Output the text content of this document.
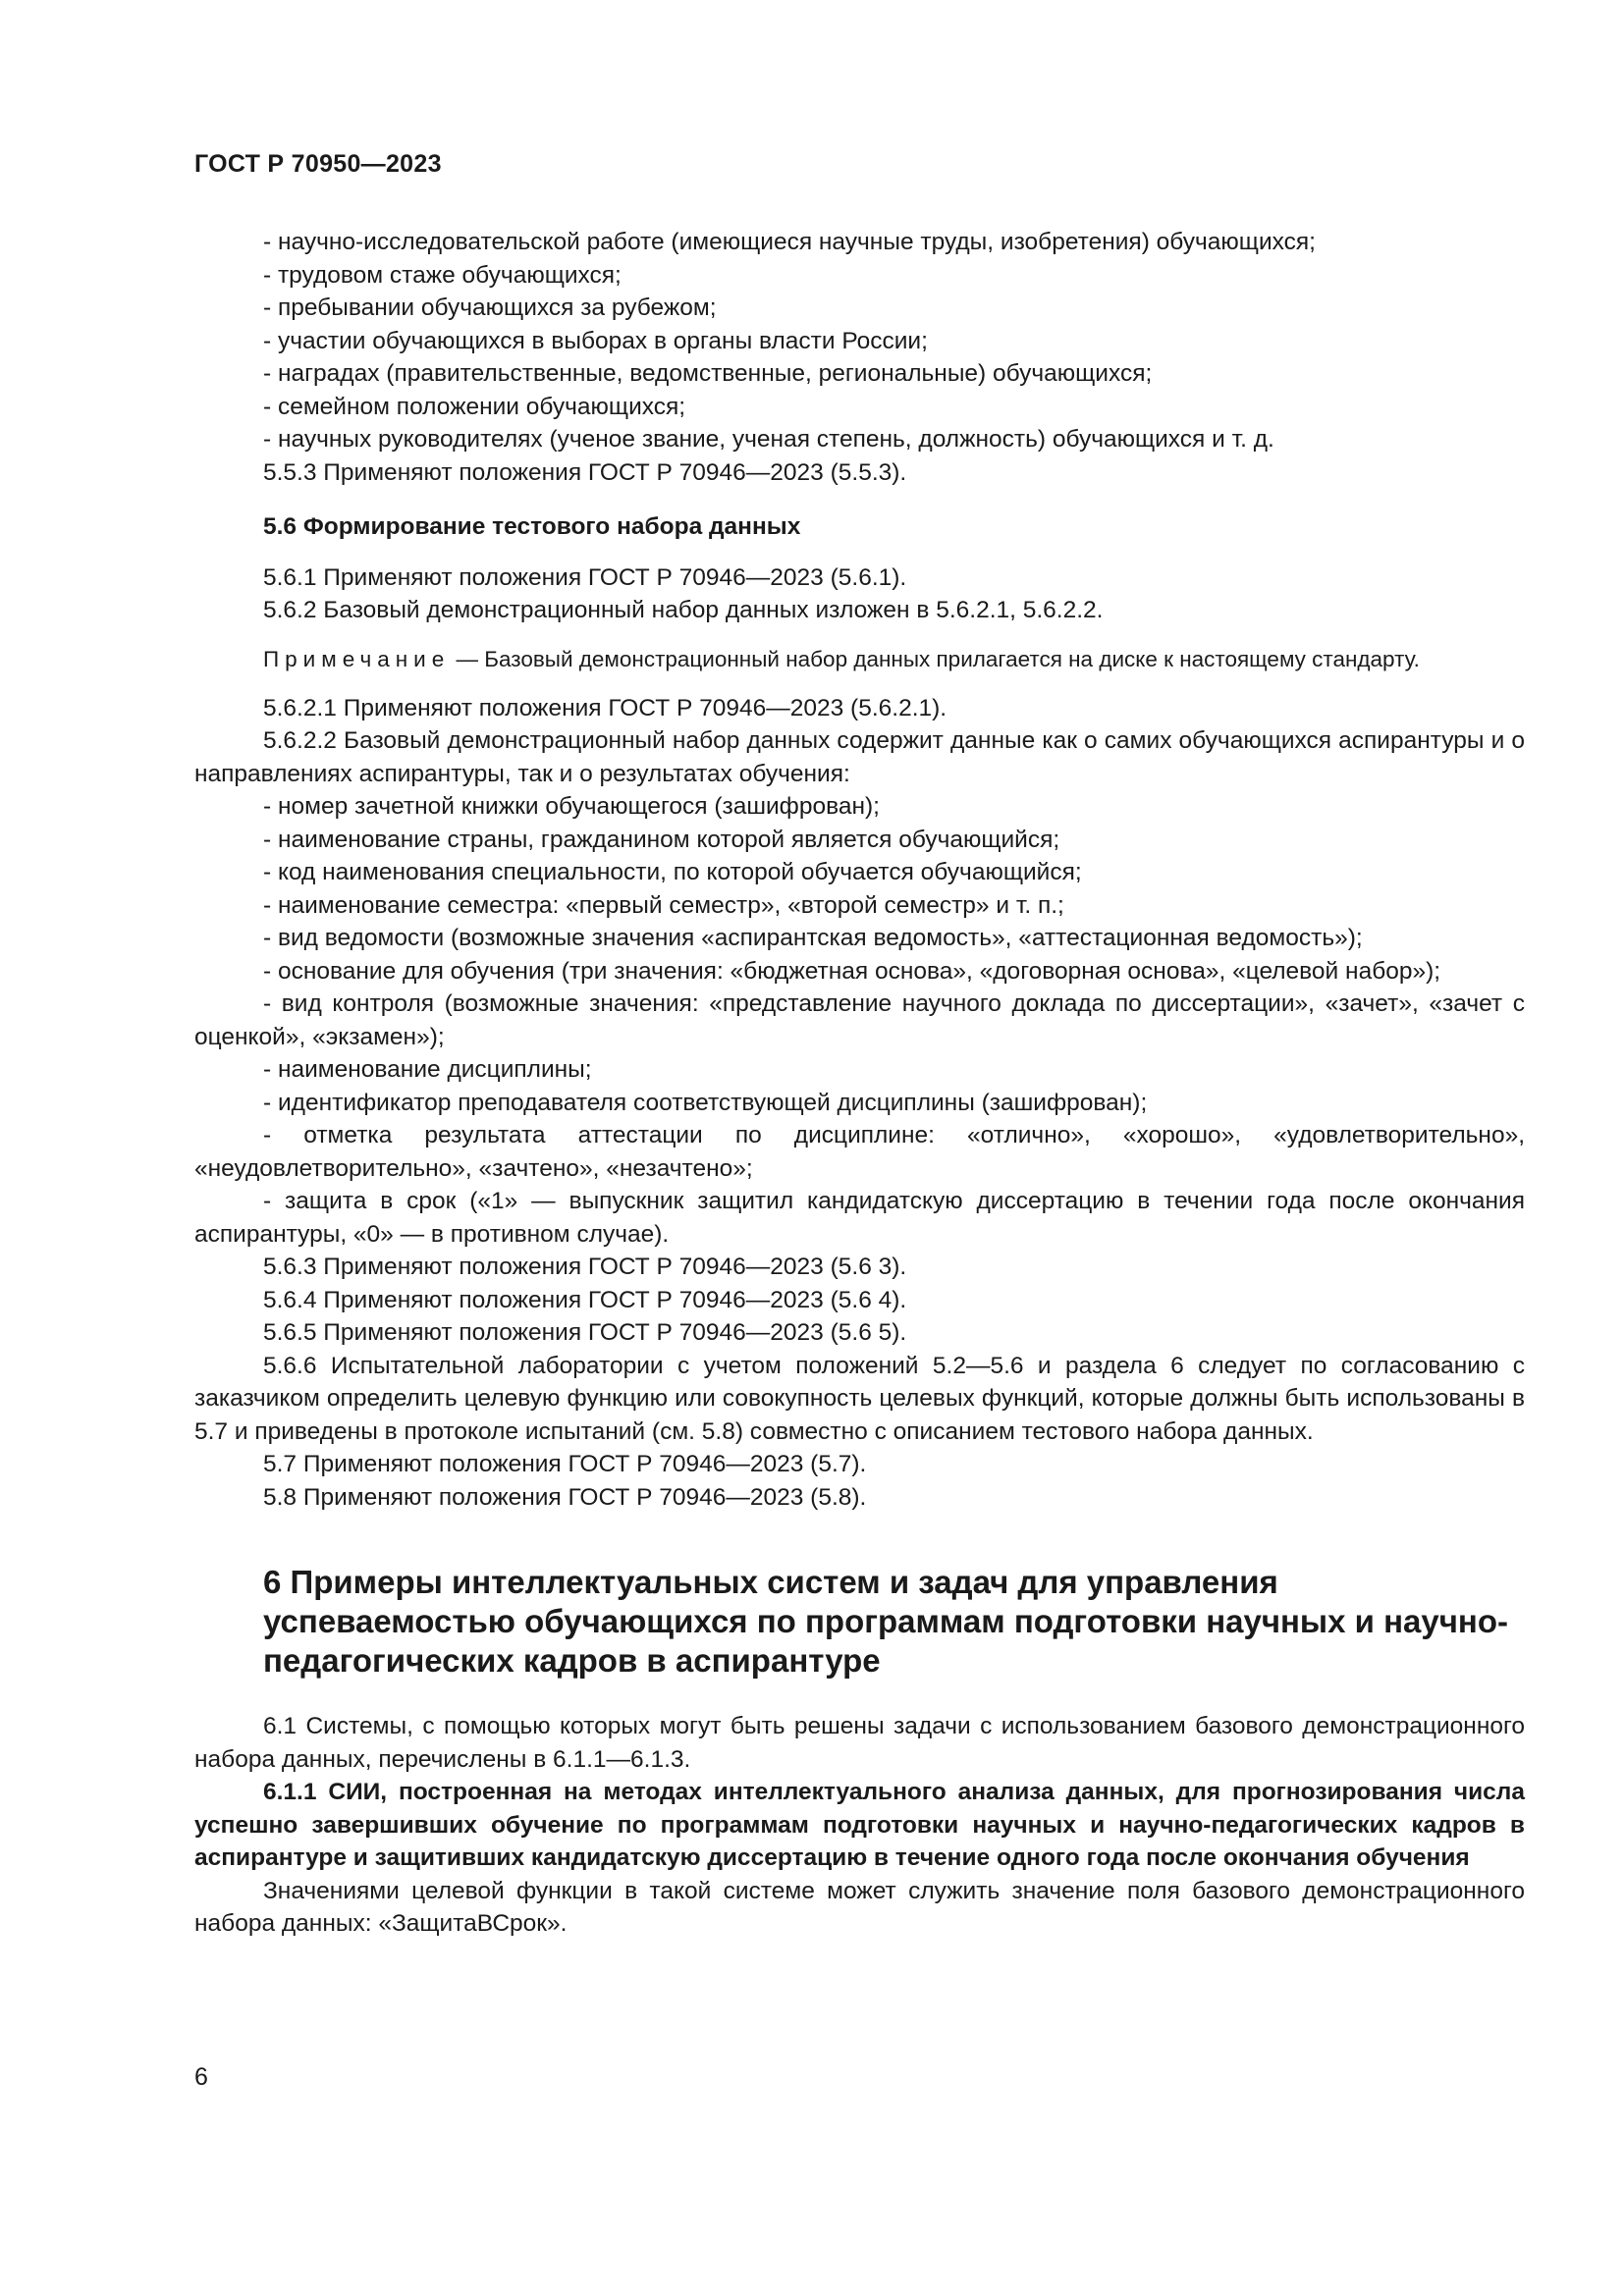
ГОСТ Р 70950—2023

- научно-исследовательской работе (имеющиеся научные труды, изобретения) обучающихся;

- трудовом стаже обучающихся;

- пребывании обучающихся за рубежом;

- участии обучающихся в выборах в органы власти России;

- наградах (правительственные, ведомственные, региональные) обучающихся;

- семейном положении обучающихся;

- научных руководителях (ученое звание, ученая степень, должность) обучающихся и т. д.

5.5.3 Применяют положения ГОСТ Р 70946—2023 (5.5.3).

5.6 Формирование тестового набора данных

5.6.1 Применяют положения ГОСТ Р 70946—2023 (5.6.1).

5.6.2 Базовый демонстрационный набор данных изложен в 5.6.2.1, 5.6.2.2.

Примечание — Базовый демонстрационный набор данных прилагается на диске к настоящему стандарту.

5.6.2.1 Применяют положения ГОСТ Р 70946—2023 (5.6.2.1).

5.6.2.2 Базовый демонстрационный набор данных содержит данные как о самих обучающихся аспирантуры и о направлениях аспирантуры, так и о результатах обучения:

- номер зачетной книжки обучающегося (зашифрован);

- наименование страны, гражданином которой является обучающийся;

- код наименования специальности, по которой обучается обучающийся;

- наименование семестра: «первый семестр», «второй семестр» и т. п.;

- вид ведомости (возможные значения «аспирантская ведомость», «аттестационная ведомость»);

- основание для обучения (три значения: «бюджетная основа», «договорная основа», «целевой набор»);

- вид контроля (возможные значения: «представление научного доклада по диссертации», «зачет», «зачет с оценкой», «экзамен»);

- наименование дисциплины;

- идентификатор преподавателя соответствующей дисциплины (зашифрован);

- отметка результата аттестации по дисциплине: «отлично», «хорошо», «удовлетворительно», «неудовлетворительно», «зачтено», «незачтено»;

- защита в срок («1» — выпускник защитил кандидатскую диссертацию в течении года после окончания аспирантуры, «0» — в противном случае).

5.6.3 Применяют положения ГОСТ Р 70946—2023 (5.6 3).

5.6.4 Применяют положения ГОСТ Р 70946—2023 (5.6 4).

5.6.5 Применяют положения ГОСТ Р 70946—2023 (5.6 5).

5.6.6 Испытательной лаборатории с учетом положений 5.2—5.6 и раздела 6 следует по согласованию с заказчиком определить целевую функцию или совокупность целевых функций, которые должны быть использованы в 5.7 и приведены в протоколе испытаний (см. 5.8) совместно с описанием тестового набора данных.

5.7 Применяют положения ГОСТ Р 70946—2023 (5.7).

5.8 Применяют положения ГОСТ Р 70946—2023 (5.8).

6 Примеры интеллектуальных систем и задач для управления успеваемостью обучающихся по программам подготовки научных и научно-педагогических кадров в аспирантуре

6.1 Системы, с помощью которых могут быть решены задачи с использованием базового демонстрационного набора данных, перечислены в 6.1.1—6.1.3.

6.1.1 СИИ, построенная на методах интеллектуального анализа данных, для прогнозирования числа успешно завершивших обучение по программам подготовки научных и научно-педагогических кадров в аспирантуре и защитивших кандидатскую диссертацию в течение одного года после окончания обучения

Значениями целевой функции в такой системе может служить значение поля базового демонстрационного набора данных: «ЗащитаВСрок».

6
